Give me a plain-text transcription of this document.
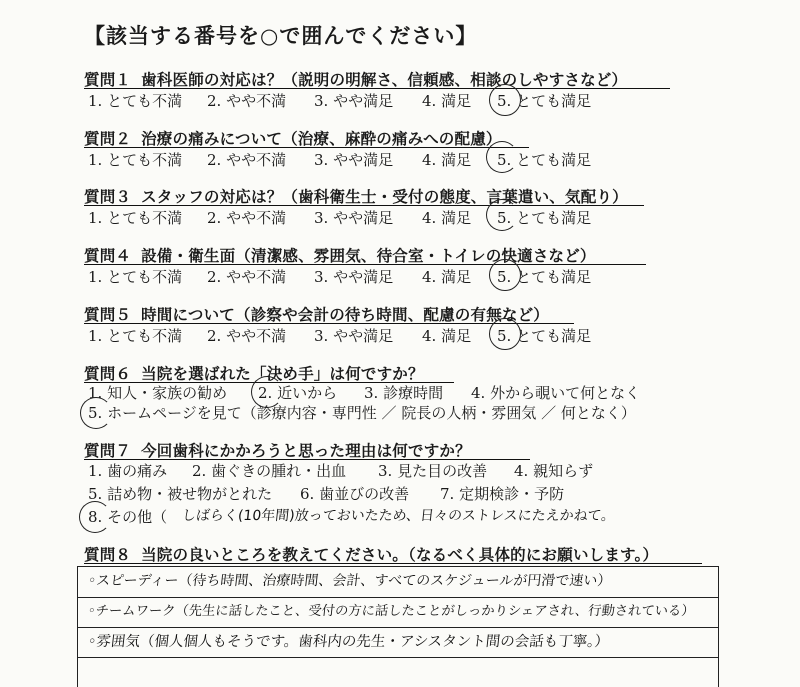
【該当する番号を○で囲んでください】
質問１ 歯科医師の対応は？（説明の明解さ、信頼感、相談のしやすさなど）
1. とても不満 2. やや不満 3. やや満足 4. 満足 5. とても満足
質問２ 治療の痛みについて（治療、麻酔の痛みへの配慮）
1. とても不満 2. やや不満 3. やや満足 4. 満足 5. とても満足
質問３ スタッフの対応は？（歯科衛生士・受付の態度、言葉遣い、気配り）
1. とても不満 2. やや不満 3. やや満足 4. 満足 5. とても満足
質問４ 設備・衛生面（清潔感、雰囲気、待合室・トイレの快適さなど）
1. とても不満 2. やや不満 3. やや満足 4. 満足 5. とても満足
質問５ 時間について（診察や会計の待ち時間、配慮の有無など）
1. とても不満 2. やや不満 3. やや満足 4. 満足 5. とても満足
質問６ 当院を選ばれた「決め手」は何ですか？
1. 知人・家族の勧め 2. 近いから 3. 診療時間 4. 外から覗いて何となく
5. ホームページを見て（診療内容・専門性 ／ 院長の人柄・雰囲気 ／ 何となく）
質問７ 今回歯科にかかろうと思った理由は何ですか？
1. 歯の痛み 2. 歯ぐきの腫れ・出血 3. 見た目の改善 4. 親知らず
5. 詰め物・被せ物がとれた 6. 歯並びの改善 7. 定期検診・予防
8. その他（ しばらく(10年間)放っておいたため、日々のストレスにたえかねて。
質問８ 当院の良いところを教えてください。（なるべく具体的にお願いします。）
◦スピーディー（待ち時間、治療時間、会計、すべてのスケジュールが円滑で速い）
◦チームワーク（先生に話したこと、受付の方に話したことがしっかりシェアされ、行動されている）
◦雰囲気（個人個人もそうです。歯科内の先生・アシスタント間の会話も丁寧。）
